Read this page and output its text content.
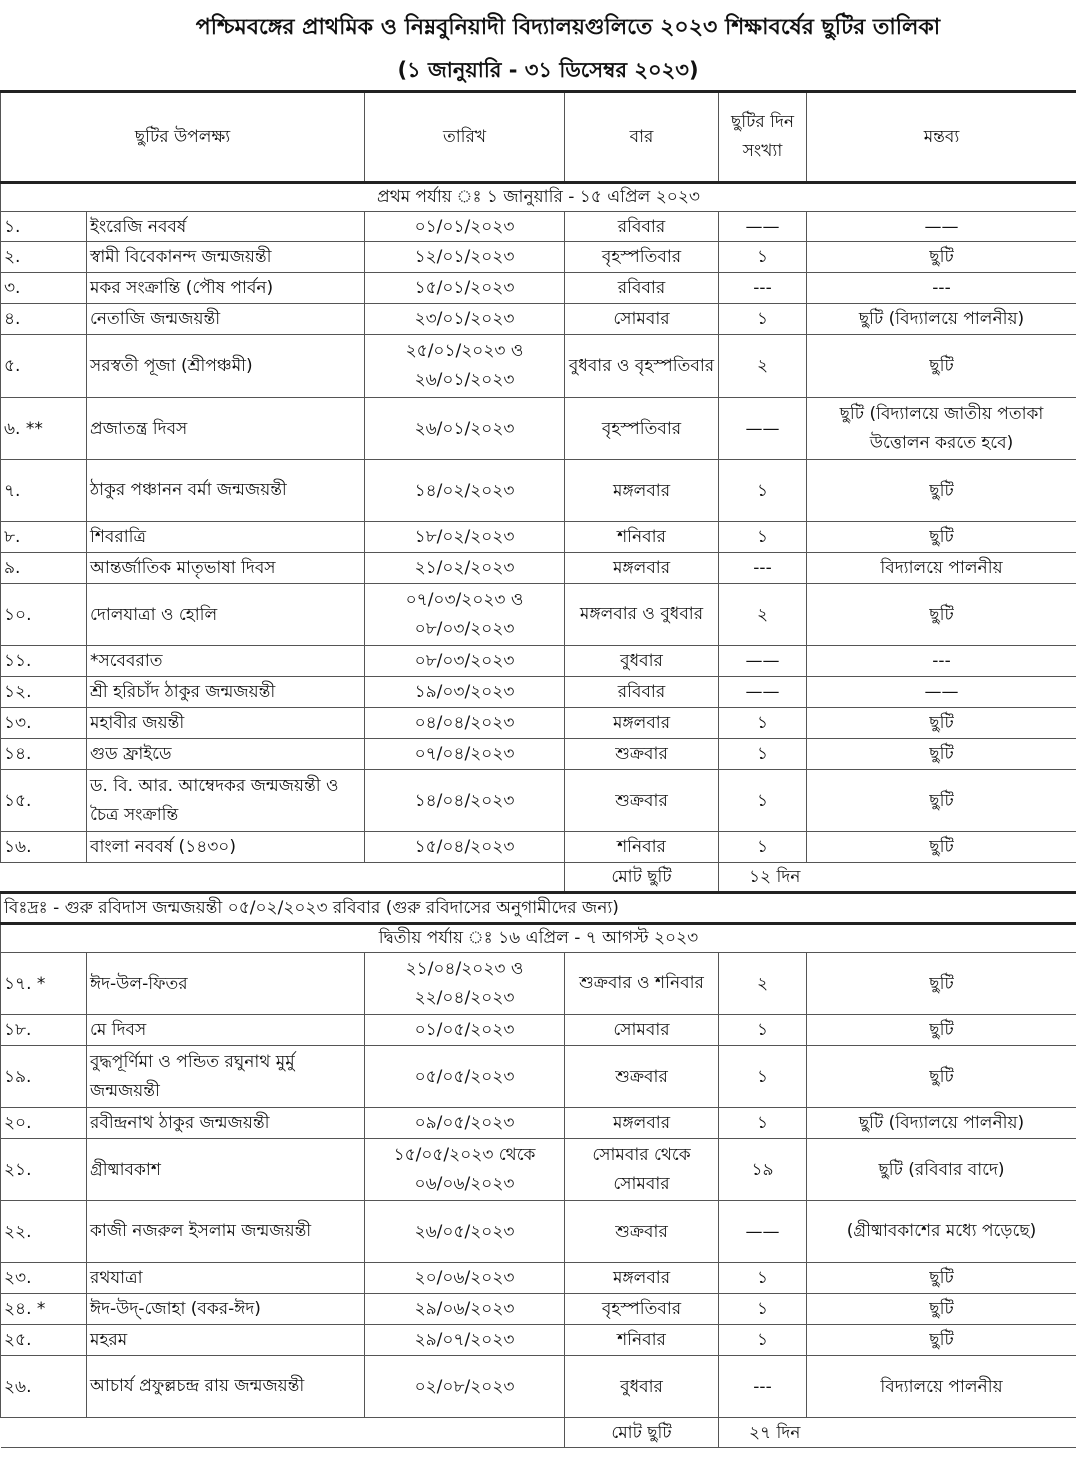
পশ্চিমবঙ্গের প্রাথমিক ও নিম্নবুনিয়াদী বিদ্যালয়গুলিতে ২০২৩ শিক্ষাবর্ষের ছুটির তালিকা
(১ জানুয়ারি - ৩১ ডিসেম্বর ২০২৩)
ছুটির উপলক্ষ্য		তারিখ	বার	ছুটির দিন সংখ্যা	মন্তব্য
প্রথম পর্যায় ঃ ১ জানুয়ারি - ১৫ এপ্রিল ২০২৩					
১.	ইংরেজি নববর্ষ	০১/০১/২০২৩	রবিবার	——	——
২.	স্বামী বিবেকানন্দ জন্মজয়ন্তী	১২/০১/২০২৩	বৃহস্পতিবার	১	ছুটি
৩.	মকর সংক্রান্তি (পৌষ পার্বন)	১৫/০১/২০২৩	রবিবার	---	---
৪.	নেতাজি জন্মজয়ন্তী	২৩/০১/২০২৩	সোমবার	১	ছুটি (বিদ্যালয়ে পালনীয়)
৫.	সরস্বতী পূজা (শ্রীপঞ্চমী)	২৫/০১/২০২৩ ও ২৬/০১/২০২৩	বুধবার ও বৃহস্পতিবার	২	ছুটি
৬. **	প্রজাতন্ত্র দিবস	২৬/০১/২০২৩	বৃহস্পতিবার	——	ছুটি (বিদ্যালয়ে জাতীয় পতাকা উত্তোলন করতে হবে)
৭.	ঠাকুর পঞ্চানন বর্মা জন্মজয়ন্তী	১৪/০২/২০২৩	মঙ্গলবার	১	ছুটি
৮.	শিবরাত্রি	১৮/০২/২০২৩	শনিবার	১	ছুটি
৯.	আন্তর্জাতিক মাতৃভাষা দিবস	২১/০২/২০২৩	মঙ্গলবার	---	বিদ্যালয়ে পালনীয়
১০.	দোলযাত্রা ও হোলি	০৭/০৩/২০২৩ ও ০৮/০৩/২০২৩	মঙ্গলবার ও বুধবার	২	ছুটি
১১.	*সবেবরাত	০৮/০৩/২০২৩	বুধবার	——	---
১২.	শ্রী হরিচাঁদ ঠাকুর জন্মজয়ন্তী	১৯/০৩/২০২৩	রবিবার	——	——
১৩.	মহাবীর জয়ন্তী	০৪/০৪/২০২৩	মঙ্গলবার	১	ছুটি
১৪.	গুড ফ্রাইডে	০৭/০৪/২০২৩	শুক্রবার	১	ছুটি
১৫.	ড. বি. আর. আম্বেদকর জন্মজয়ন্তী ও চৈত্র সংক্রান্তি	১৪/০৪/২০২৩	শুক্রবার	১	ছুটি
১৬.	বাংলা নববর্ষ (১৪৩০)	১৫/০৪/২০২৩	শনিবার	১	ছুটি
			মোট ছুটি	১২ দিন	
বিঃদ্রঃ - গুরু রবিদাস জন্মজয়ন্তী ০৫/০২/২০২৩ রবিবার (গুরু রবিদাসের অনুগামীদের জন্য)					
দ্বিতীয় পর্যায় ঃ ১৬ এপ্রিল - ৭ আগস্ট ২০২৩					
১৭. *	ঈদ-উল-ফিতর	২১/০৪/২০২৩ ও ২২/০৪/২০২৩	শুক্রবার ও শনিবার	২	ছুটি
১৮.	মে দিবস	০১/০৫/২০২৩	সোমবার	১	ছুটি
১৯.	বুদ্ধপূর্ণিমা ও পন্ডিত রঘুনাথ মুর্মু জন্মজয়ন্তী	০৫/০৫/২০২৩	শুক্রবার	১	ছুটি
২০.	রবীন্দ্রনাথ ঠাকুর জন্মজয়ন্তী	০৯/০৫/২০২৩	মঙ্গলবার	১	ছুটি (বিদ্যালয়ে পালনীয়)
২১.	গ্রীষ্মাবকাশ	১৫/০৫/২০২৩ থেকে ০৬/০৬/২০২৩	সোমবার থেকে সোমবার	১৯	ছুটি (রবিবার বাদে)
২২.	কাজী নজরুল ইসলাম জন্মজয়ন্তী	২৬/০৫/২০২৩	শুক্রবার	——	(গ্রীষ্মাবকাশের মধ্যে পড়েছে)
২৩.	রথযাত্রা	২০/০৬/২০২৩	মঙ্গলবার	১	ছুটি
২৪. *	ঈদ-উদ্‌-জোহা (বকর-ঈদ)	২৯/০৬/২০২৩	বৃহস্পতিবার	১	ছুটি
২৫.	মহরম	২৯/০৭/২০২৩	শনিবার	১	ছুটি
২৬.	আচার্য প্রফুল্লচন্দ্র রায় জন্মজয়ন্তী	০২/০৮/২০২৩	বুধবার	---	বিদ্যালয়ে পালনীয়
			মোট ছুটি	২৭ দিন	
